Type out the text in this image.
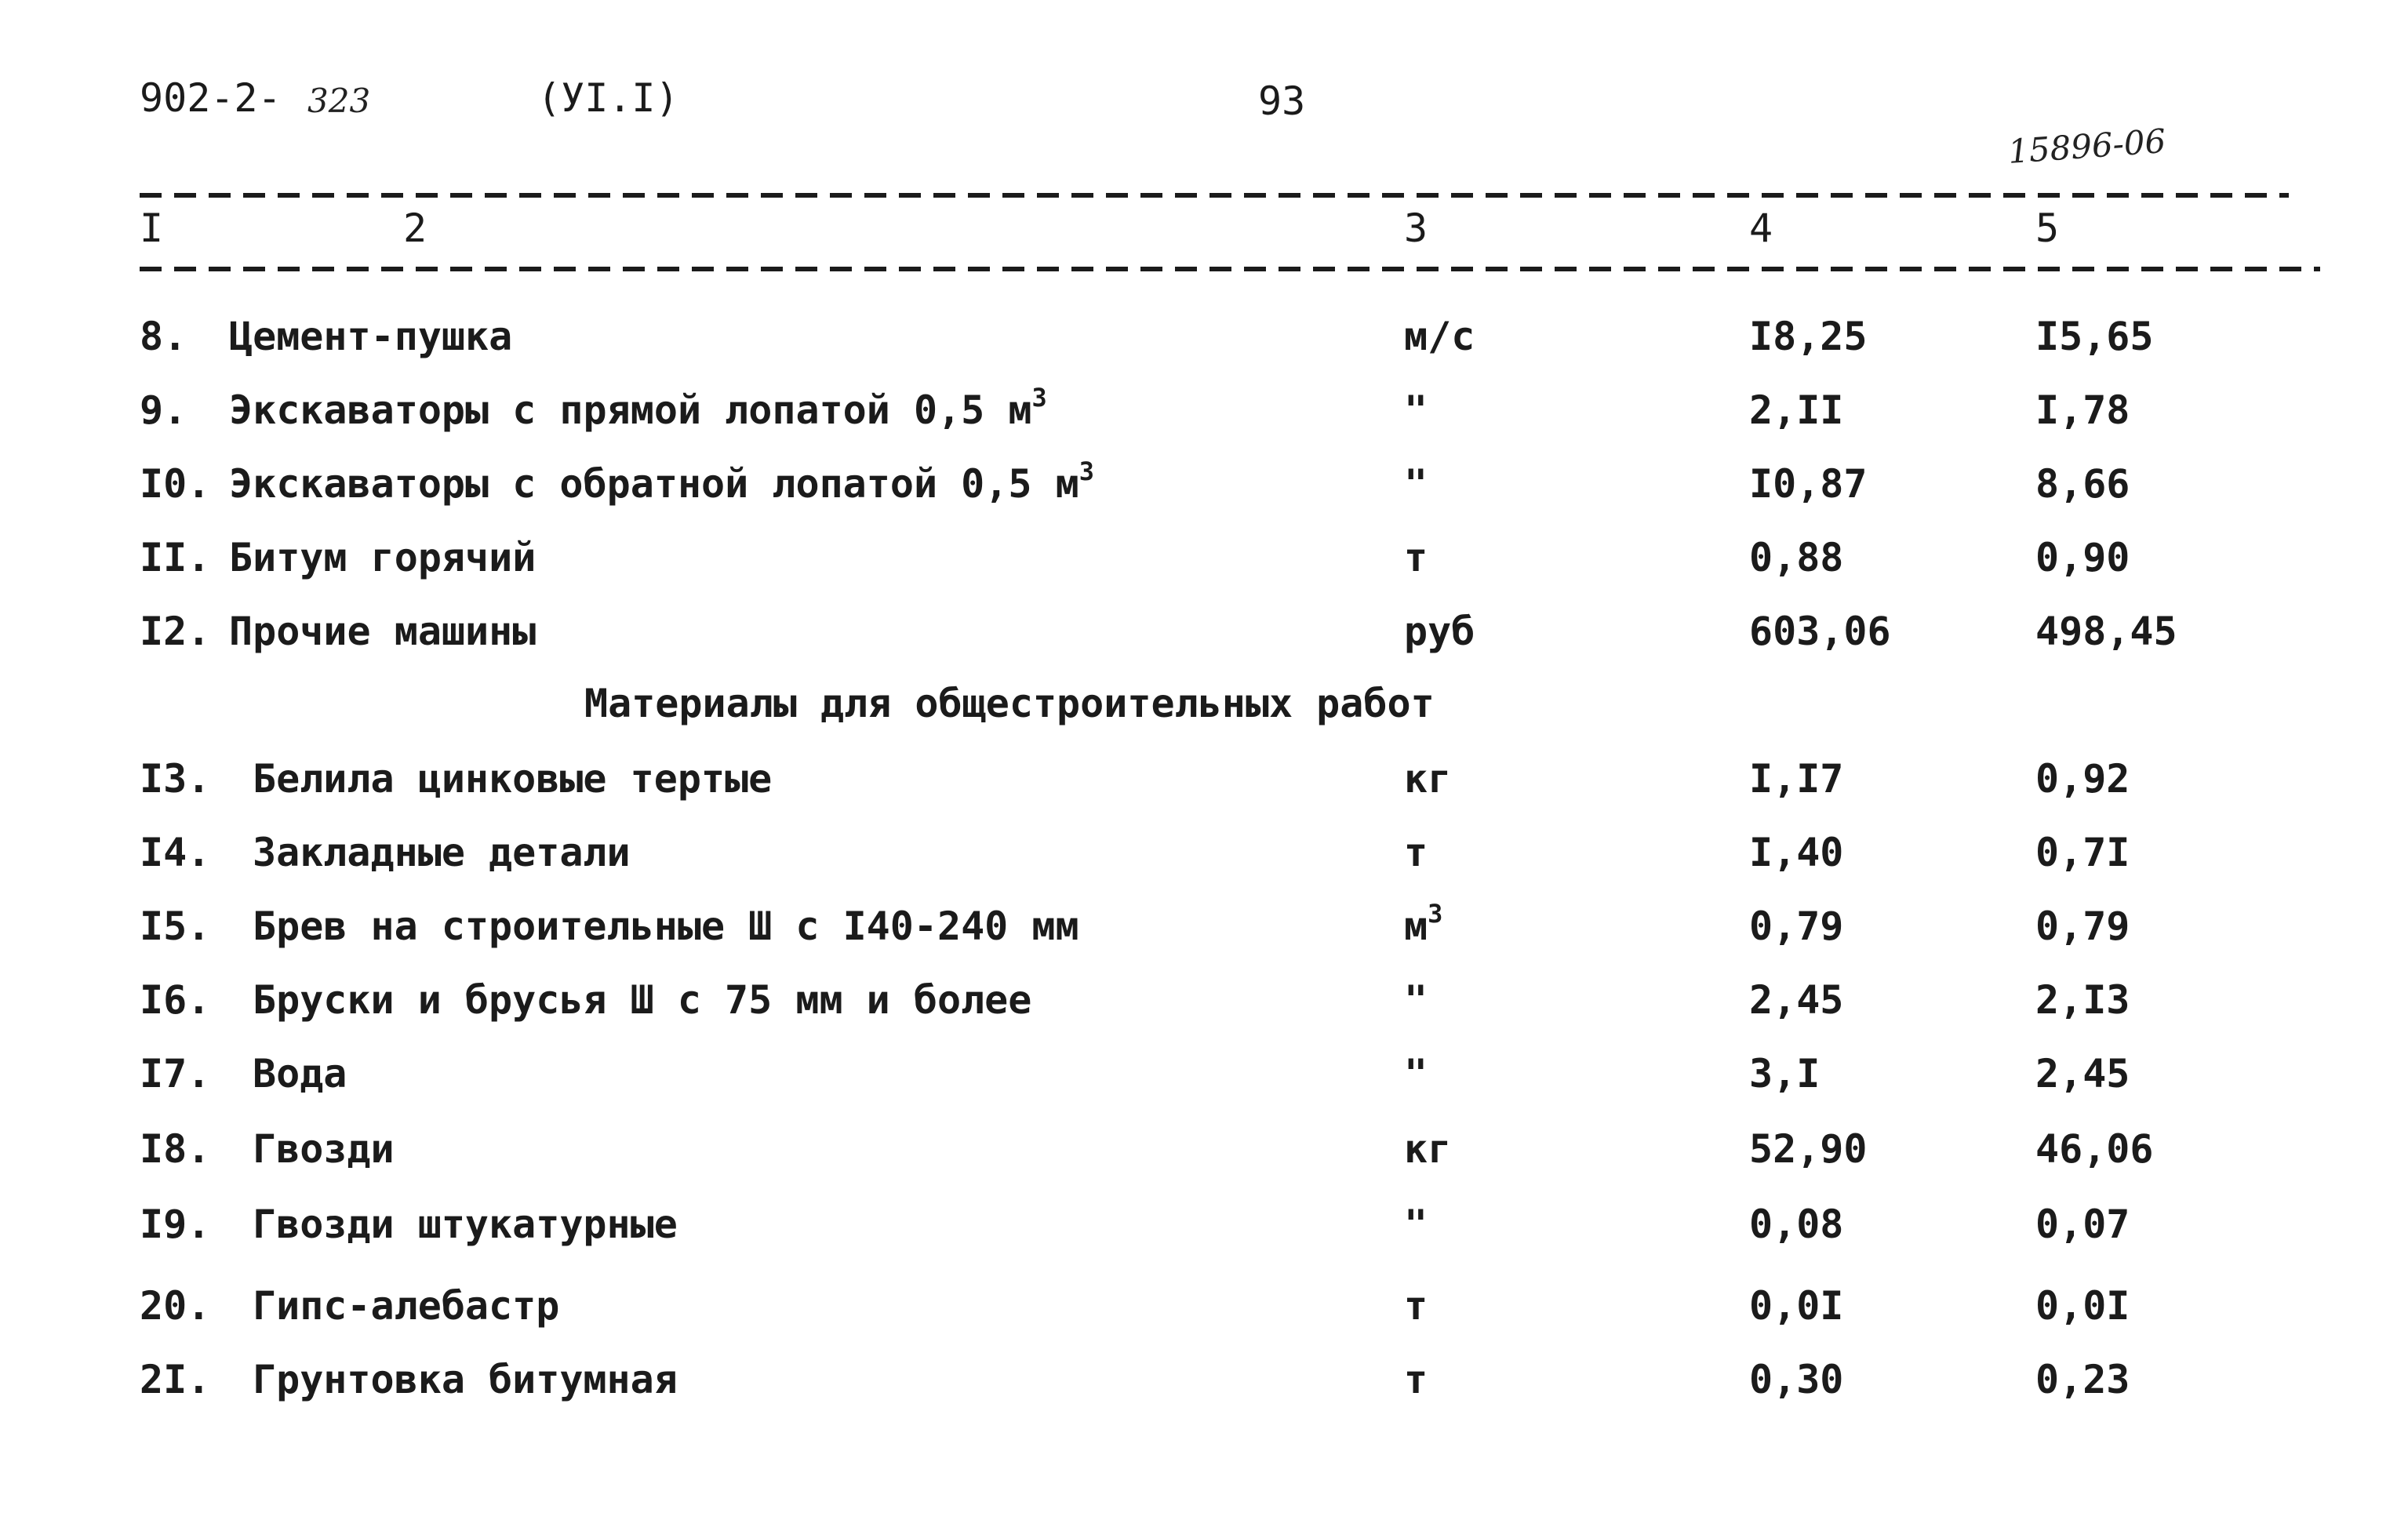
902-2- 323	(УI.I)	93
15896-06
I	2	3	4	5
8. Цемент-пушка	м/с	I8,25	I5,65
9. Экскаваторы с прямой лопатой 0,5 $м^3$	"	2,II	I,78
I0. Экскаваторы с обратной лопатой 0,5 $м^3$	"	I0,87	8,66
II. Битум горячий	т	0,88	0,90
I2. Прочие машины	руб	603,06	498,45
Материалы для общестроительных работ
I3. Белила цинковые тертые	кг	I,I7	0,92
I4. Закладные детали	т	I,40	0,7I
I5. Брев на строительные Ш с I40-240 мм	$м^3$	0,79	0,79
I6. Бруски и брусья Ш с 75 мм и более	"	2,45	2,I3
I7. Вода	"	3,I	2,45
I8. Гвозди	кг	52,90	46,06
I9. Гвозди штукатурные	"	0,08	0,07
20. Гипс-алебастр	т	0,0I	0,0I
2I. Грунтовка битумная	т	0,30	0,23
